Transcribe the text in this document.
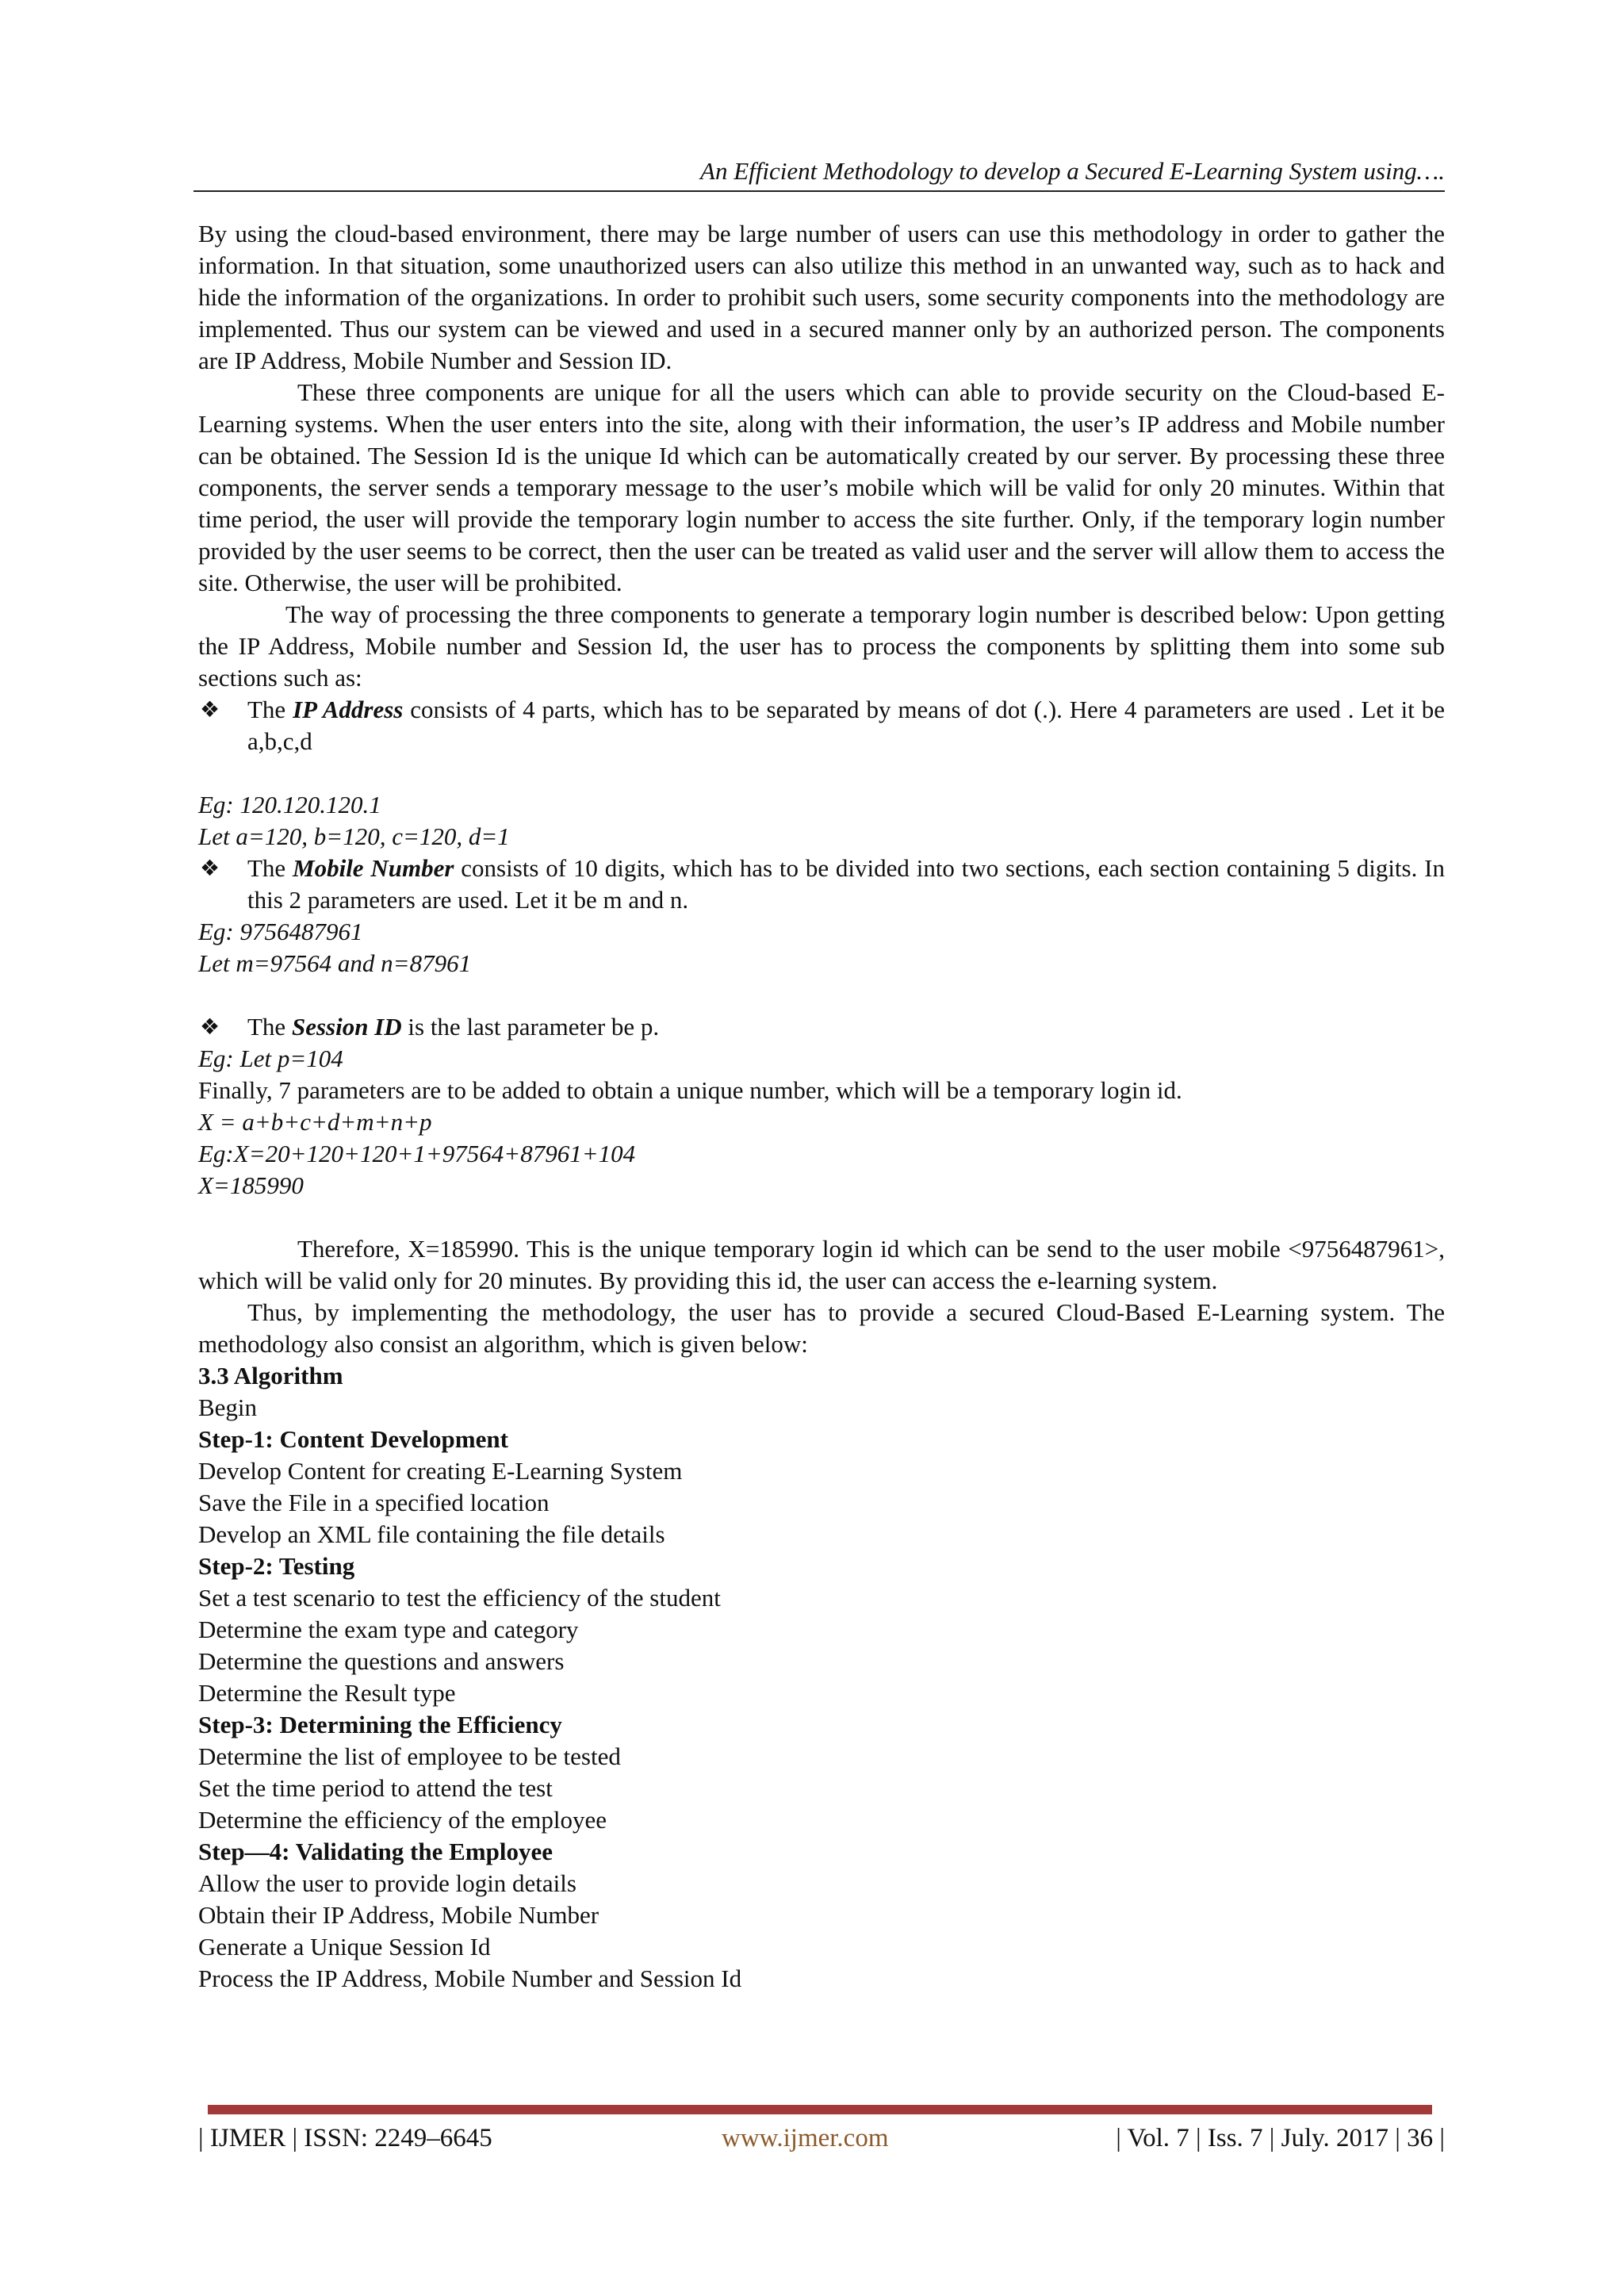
An Efficient Methodology to develop a Secured E-Learning System using….

By using the cloud-based environment, there may be large number of users can use this methodology in order to gather the information. In that situation, some unauthorized users can also utilize this method in an unwanted way, such as to hack and hide the information of the organizations. In order to prohibit such users, some security components into the methodology are implemented. Thus our system can be viewed and used in a secured manner only by an authorized person. The components are IP Address, Mobile Number and Session ID.

These three components are unique for all the users which can able to provide security on the Cloud-based E-Learning systems. When the user enters into the site, along with their information, the user’s IP address and Mobile number can be obtained. The Session Id is the unique Id which can be automatically created by our server. By processing these three components, the server sends a temporary message to the user’s mobile which will be valid for only 20 minutes. Within that time period, the user will provide the temporary login number to access the site further. Only, if the temporary login number provided by the user seems to be correct, then the user can be treated as valid user and the server will allow them to access the site. Otherwise, the user will be prohibited.

The way of processing the three components to generate a temporary login number is described below: Upon getting the IP Address, Mobile number and Session Id, the user has to process the components by splitting them into some sub sections such as:

❖ The IP Address consists of 4 parts, which has to be separated by means of dot (.). Here 4 parameters are used . Let it be a,b,c,d

Eg: 120.120.120.1

Let a=120, b=120, c=120, d=1

❖ The Mobile Number consists of 10 digits, which has to be divided into two sections, each section containing 5 digits. In this 2 parameters are used. Let it be m and n.

Eg: 9756487961

Let m=97564 and n=87961

❖ The Session ID is the last parameter be p.

Eg: Let p=104

Finally, 7 parameters are to be added to obtain a unique number, which will be a temporary login id.

X = a+b+c+d+m+n+p

Eg:X=20+120+120+1+97564+87961+104

X=185990

Therefore, X=185990. This is the unique temporary login id which can be send to the user mobile <9756487961>, which will be valid only for 20 minutes. By providing this id, the user can access the e-learning system.

Thus, by implementing the methodology, the user has to provide a secured Cloud-Based E-Learning system. The methodology also consist an algorithm, which is given below:

3.3 Algorithm

Begin

Step-1: Content Development

Develop Content for creating E-Learning System

Save the File in a specified location

Develop an XML file containing the file details

Step-2: Testing

Set a test scenario to test the efficiency of the student

Determine the exam type and category

Determine the questions and answers

Determine the Result type

Step-3: Determining the Efficiency

Determine the list of employee to be tested

Set the time period to attend the test

Determine the efficiency of the employee

Step—4: Validating the Employee

Allow the user to provide login details

Obtain their IP Address, Mobile Number

Generate a Unique Session Id

Process the IP Address, Mobile Number and Session Id

| IJMER | ISSN: 2249–6645	www.ijmer.com	| Vol. 7 | Iss. 7 | July. 2017 | 36 |
